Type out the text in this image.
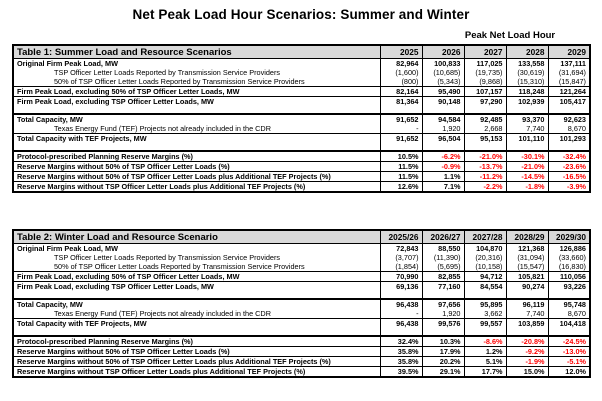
Net Peak Load Hour Scenarios: Summer and Winter
Peak Net Load Hour
Table 1: Summer Load and Resource Scenarios	2025	2026	2027	2028	2029
Original Firm Peak Load, MW	82,964	100,833	117,025	133,558	137,111
TSP Officer Letter Loads Reported by Transmission Service Providers	(1,600)	(10,685)	(19,735)	(30,619)	(31,694)
50% of TSP Officer Letter Loads Reported by Transmission Service Providers	(800)	(5,343)	(9,868)	(15,310)	(15,847)
Firm Peak Load, excluding 50% of TSP Officer Letter Loads, MW	82,164	95,490	107,157	118,248	121,264
Firm Peak Load, excluding TSP Officer Letter Loads, MW	81,364	90,148	97,290	102,939	105,417

Total Capacity, MW	91,652	94,584	92,485	93,370	92,623
Texas Energy Fund (TEF) Projects not already included in the CDR	-	1,920	2,668	7,740	8,670
Total Capacity with TEF Projects, MW	91,652	96,504	95,153	101,110	101,293

Protocol-prescribed Planning Reserve Margins (%)	10.5%	-6.2%	-21.0%	-30.1%	-32.4%
Reserve Margins without 50% of TSP Officer Letter Loads (%)	11.5%	-0.9%	-13.7%	-21.0%	-23.6%
Reserve Margins without 50% of TSP Officer Letter Loads plus Additional TEF Projects (%)	11.5%	1.1%	-11.2%	-14.5%	-16.5%
Reserve Margins without TSP Officer Letter Loads plus Additional TEF Projects (%)	12.6%	7.1%	-2.2%	-1.8%	-3.9%
Table 2: Winter Load and Resource Scenario	2025/26	2026/27	2027/28	2028/29	2029/30
Original Firm Peak Load, MW	72,843	88,550	104,870	121,368	126,886
TSP Officer Letter Loads Reported by Transmission Service Providers	(3,707)	(11,390)	(20,316)	(31,094)	(33,660)
50% of TSP Officer Letter Loads Reported by Transmission Service Providers	(1,854)	(5,695)	(10,158)	(15,547)	(16,830)
Firm Peak Load, excluding 50% of TSP Officer Letter Loads, MW	70,990	82,855	94,712	105,821	110,056
Firm Peak Load, excluding TSP Officer Letter Loads, MW	69,136	77,160	84,554	90,274	93,226

Total Capacity, MW	96,438	97,656	95,895	96,119	95,748
Texas Energy Fund (TEF) Projects not already included in the CDR	-	1,920	3,662	7,740	8,670
Total Capacity with TEF Projects, MW	96,438	99,576	99,557	103,859	104,418

Protocol-prescribed Planning Reserve Margins (%)	32.4%	10.3%	-8.6%	-20.8%	-24.5%
Reserve Margins without 50% of TSP Officer Letter Loads (%)	35.8%	17.9%	1.2%	-9.2%	-13.0%
Reserve Margins without 50% of TSP Officer Letter Loads plus Additional TEF Projects (%)	35.8%	20.2%	5.1%	-1.9%	-5.1%
Reserve Margins without TSP Officer Letter Loads plus Additional TEF Projects (%)	39.5%	29.1%	17.7%	15.0%	12.0%
